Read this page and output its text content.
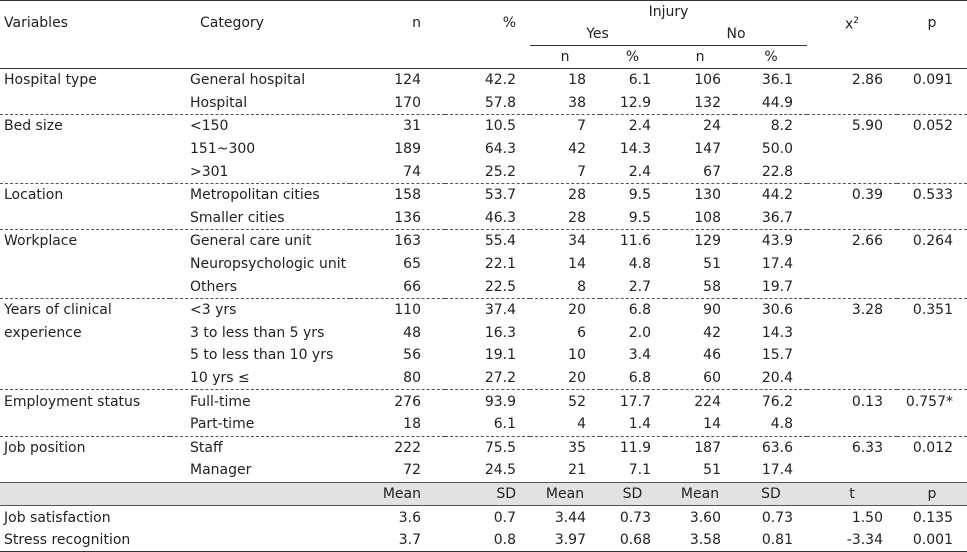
Variables	Category	n	%	Injury				$x^2$	p
				Yes		No			
				n	%	n	%		
Hospital type	General hospital	124	42.2	18	6.1	106	36.1	2.86	0.091
	Hospital	170	57.8	38	12.9	132	44.9		
Bed size	<150	31	10.5	7	2.4	24	8.2	5.90	0.052
	151~300	189	64.3	42	14.3	147	50.0		
	>301	74	25.2	7	2.4	67	22.8		
Location	Metropolitan cities	158	53.7	28	9.5	130	44.2	0.39	0.533
	Smaller cities	136	46.3	28	9.5	108	36.7		
Workplace	General care unit	163	55.4	34	11.6	129	43.9	2.66	0.264
	Neuropsychologic unit	65	22.1	14	4.8	51	17.4		
	Others	66	22.5	8	2.7	58	19.7		
Years of clinical	<3 yrs	110	37.4	20	6.8	90	30.6	3.28	0.351
experience	3 to less than 5 yrs	48	16.3	6	2.0	42	14.3		
	5 to less than 10 yrs	56	19.1	10	3.4	46	15.7		
	10 yrs ≤	80	27.2	20	6.8	60	20.4		
Employment status	Full-time	276	93.9	52	17.7	224	76.2	0.13	0.757*
	Part-time	18	6.1	4	1.4	14	4.8		
Job position	Staff	222	75.5	35	11.9	187	63.6	6.33	0.012
	Manager	72	24.5	21	7.1	51	17.4		
		Mean	SD	Mean	SD	Mean	SD	t	p
Job satisfaction		3.6	0.7	3.44	0.73	3.60	0.73	1.50	0.135
Stress recognition		3.7	0.8	3.97	0.68	3.58	0.81	-3.34	0.001
